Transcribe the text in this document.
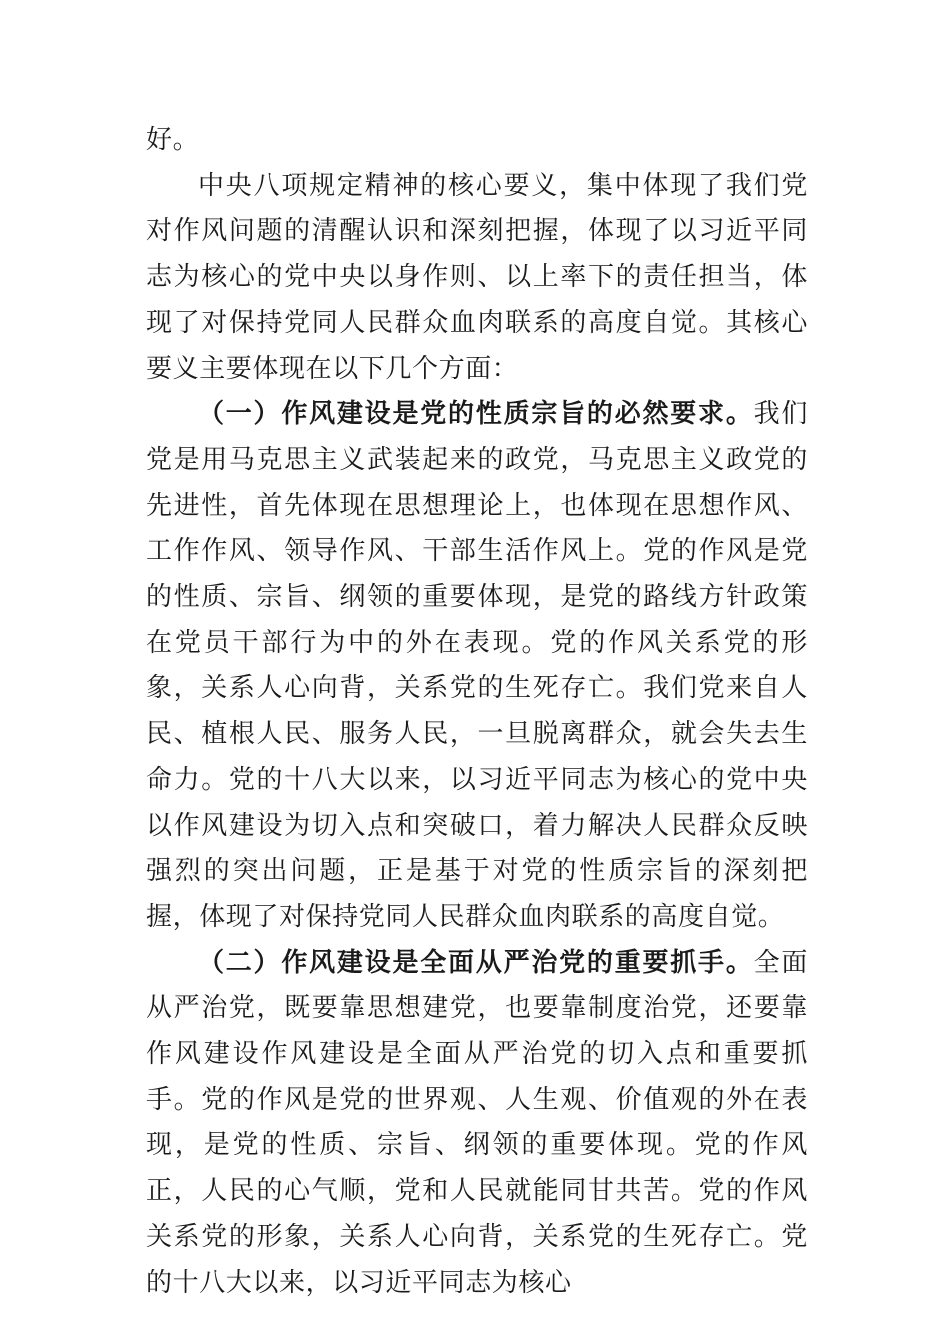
好。

中央八项规定精神的核心要义，集中体现了我们党对作风问题的清醒认识和深刻把握，体现了以习近平同志为核心的党中央以身作则、以上率下的责任担当，体现了对保持党同人民群众血肉联系的高度自觉。其核心要义主要体现在以下几个方面：

（一）作风建设是党的性质宗旨的必然要求。我们党是用马克思主义武装起来的政党，马克思主义政党的先进性，首先体现在思想理论上，也体现在思想作风、工作作风、领导作风、干部生活作风上。党的作风是党的性质、宗旨、纲领的重要体现，是党的路线方针政策在党员干部行为中的外在表现。党的作风关系党的形象，关系人心向背，关系党的生死存亡。我们党来自人民、植根人民、服务人民，一旦脱离群众，就会失去生命力。党的十八大以来，以习近平同志为核心的党中央以作风建设为切入点和突破口，着力解决人民群众反映强烈的突出问题，正是基于对党的性质宗旨的深刻把握，体现了对保持党同人民群众血肉联系的高度自觉。

（二）作风建设是全面从严治党的重要抓手。全面从严治党，既要靠思想建党，也要靠制度治党，还要靠作风建设作风建设是全面从严治党的切入点和重要抓手。党的作风是党的世界观、人生观、价值观的外在表现，是党的性质、宗旨、纲领的重要体现。党的作风正，人民的心气顺，党和人民就能同甘共苦。党的作风关系党的形象，关系人心向背，关系党的生死存亡。党的十八大以来，以习近平同志为核心
